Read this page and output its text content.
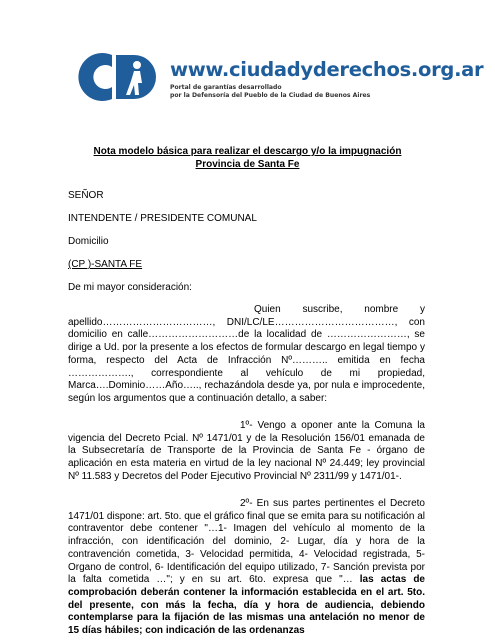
www.ciudadyderechos.org.ar
Portal de garantías desarrollado
por la Defensoría del Pueblo de la Ciudad de Buenos Aires
Nota modelo básica para realizar el descargo y/o la impugnación
Provincia de Santa Fe
SEÑOR
INTENDENTE / PRESIDENTE COMUNAL
Domicilio
(CP )-SANTA FE
De mi mayor consideración:
Quien suscribe, nombre y apellido……………………………, DNI/LC/LE………………………………, con domicilio en calle………………………de la localidad de ……………………, se dirige a Ud. por la presente a los efectos de formular descargo en legal tiempo y forma, respecto del Acta de Infracción Nº……….. emitida en fecha ………………., correspondiente al vehículo de mi propiedad, Marca….Dominio……Año….., rechazándola desde ya, por nula e improcedente, según los argumentos que a continuación detallo, a saber:
1º- Vengo a oponer ante la Comuna la vigencia del Decreto Pcial. Nº 1471/01 y de la Resolución 156/01 emanada de la Subsecretaría de Transporte de la Provincia de Santa Fe - órgano de aplicación en esta materia en virtud de la ley nacional Nº 24.449; ley provincial Nº 11.583 y Decretos del Poder Ejecutivo Provincial Nº 2311/99 y 1471/01-.
2º- En sus partes pertinentes el Decreto 1471/01 dispone: art. 5to. que el gráfico final que se emita para su notificación al contraventor debe contener "…1- Imagen del vehículo al momento de la infracción, con identificación del dominio, 2- Lugar, día y hora de la contravención cometida, 3- Velocidad permitida, 4- Velocidad registrada, 5- Organo de control, 6- Identificación del equipo utilizado, 7- Sanción prevista por la falta cometida …"; y en su art. 6to. expresa que "… las actas de comprobación deberán contener la información establecida en el art. 5to. del presente, con más la fecha, día y hora de audiencia, debiendo contemplarse para la fijación de las mismas una antelación no menor de 15 días hábiles; con indicación de las ordenanzas
